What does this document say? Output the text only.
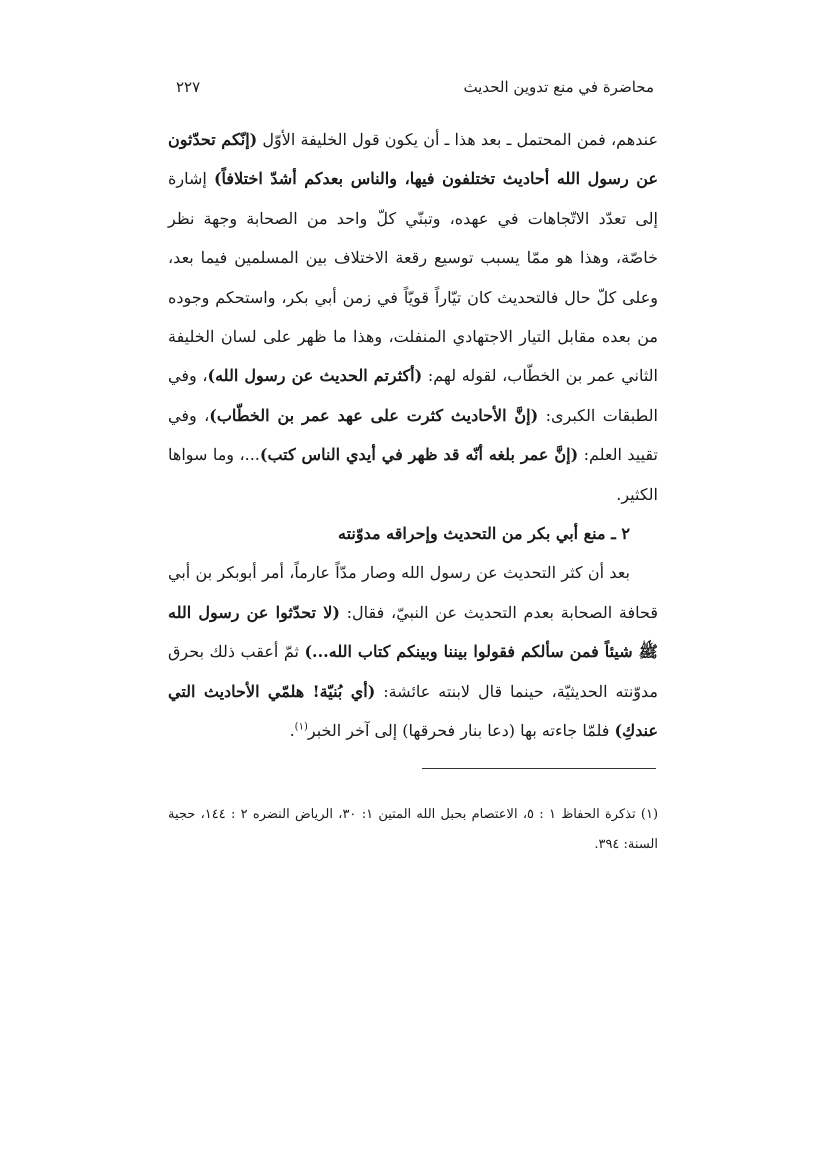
محاضرة في منع تدوين الحديث
٢٢٧

عندهم، فمن المحتمل ـ بعد هذا ـ أن يكون قول الخليفة الأوّل (إنّكم تحدّثون عن رسول الله أحاديث تختلفون فيها، والناس بعدكم أشدّ اختلافاً) إشارة إلى تعدّد الاتّجاهات في عهده، وتبنّي كلّ واحد من الصحابة وجهة نظر خاصّة، وهذا هو ممّا يسبب توسيع رقعة الاختلاف بين المسلمين فيما بعد، وعلى كلّ حال فالتحديث كان تيّاراً قويّاً في زمن أبي بكر، واستحكم وجوده من بعده مقابل التيار الاجتهادي المنفلت، وهذا ما ظهر على لسان الخليفة الثاني عمر بن الخطّاب، لقوله لهم: (أكثرتم الحديث عن رسول الله)، وفي الطبقات الكبرى: (إنَّ الأحاديث كثرت على عهد عمر بن الخطّاب)، وفي تقييد العلم: (إنَّ عمر بلغه أنّه قد ظهر في أيدي الناس كتب)...، وما سواها الكثير.

٢ ـ منع أبي بكر من التحديث وإحراقه مدوّنته

بعد أن كثر التحديث عن رسول الله وصار مدّاً عارماً، أمر أبوبكر بن أبي قحافة الصحابة بعدم التحديث عن النبيّ، فقال: (لا تحدّثوا عن رسول الله ﷺ شيئاً فمن سألكم فقولوا بيننا وبينكم كتاب الله...) ثمّ أعقب ذلك بحرق مدوّنته الحديثيّة، حينما قال لابنته عائشة: (أي بُنيّة! هلمّي الأحاديث التي عندكِ) فلمّا جاءته بها (دعا بنار فحرقها) إلى آخر الخبر$^{(١)}$.

(١) تذكرة الحفاظ ١ : ٥، الاعتصام بحبل الله المتين ١: ٣٠، الرياض النضره ٢ : ١٤٤، حجية السنة: ٣٩٤.
